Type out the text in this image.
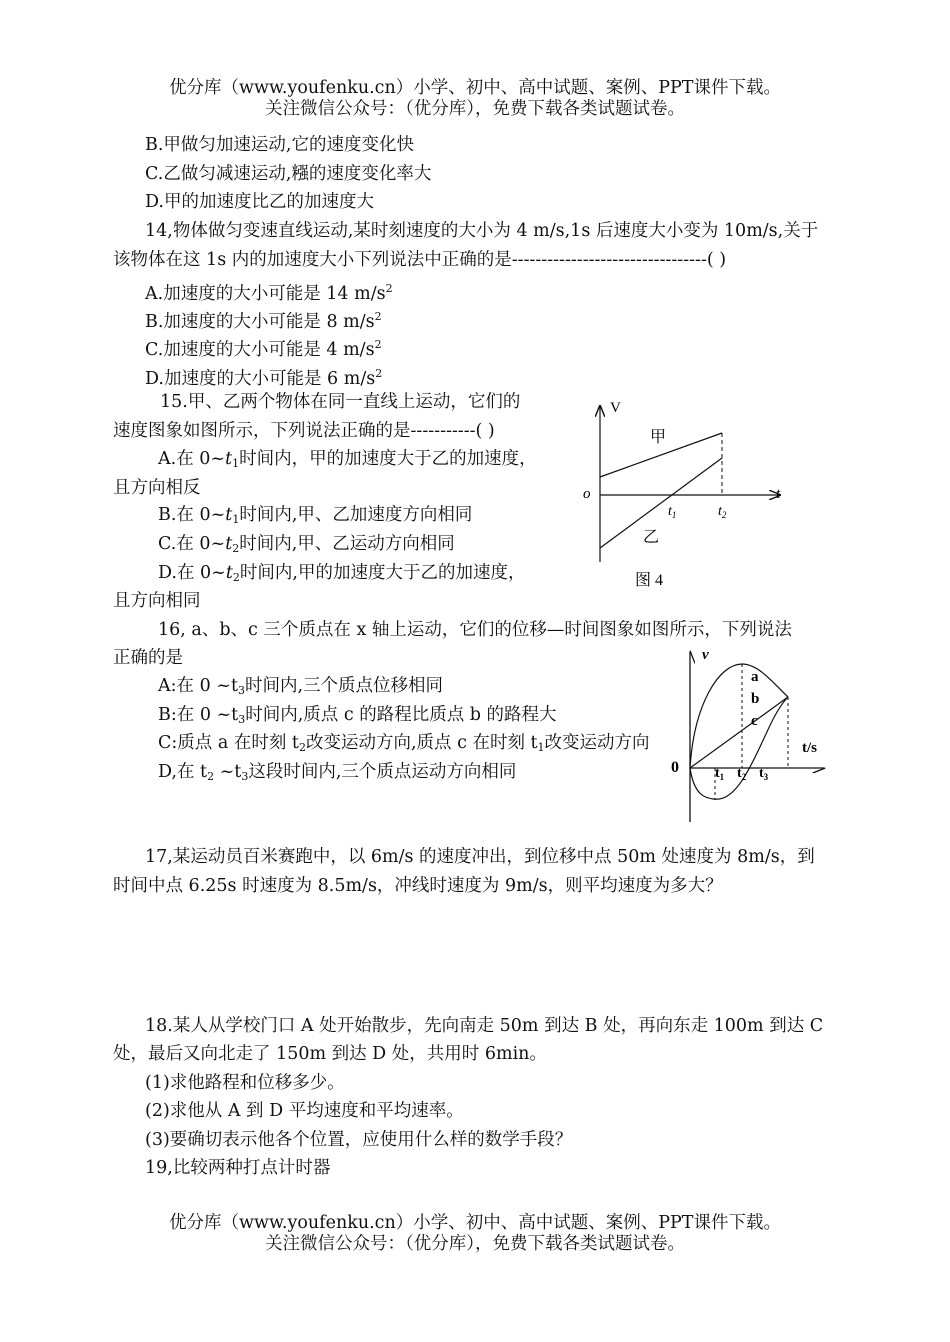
优分库（www.youfenku.cn）小学、初中、高中试题、案例、PPT课件下载。
关注微信公众号：（优分库），免费下载各类试题试卷。
B.甲做匀加速运动,它的速度变化快
C.乙做匀减速运动,糨的速度变化率大
D.甲的加速度比乙的加速度大
14,物体做匀变速直线运动,某时刻速度的大小为 4 m/s,1s 后速度大小变为 10m/s,关于
该物体在这 1s 内的加速度大小下列说法中正确的是---------------------------------( )
A.加速度的大小可能是 14 $m/s^2$
B.加速度的大小可能是 8 $m/s^2$
C.加速度的大小可能是 4 $m/s^2$
D.加速度的大小可能是 6 $m/s^2$
15.甲、乙两个物体在同一直线上运动，它们的
速度图象如图所示，下列说法正确的是-----------( )
A.在 $0\sim t_1$时间内，甲的加速度大于乙的加速度，
且方向相反
B.在 $0\sim t_1$时间内,甲、乙加速度方向相同
C.在 $0\sim t_2$时间内,甲、乙运动方向相同
D.在 $0\sim t_2$时间内,甲的加速度大于乙的加速度，
且方向相同
V
甲
乙
o	t
$t_1$	$t_2$
图 4
16, a、b、c 三个质点在 x 轴上运动，它们的位移—时间图象如图所示，下列说法
正确的是
A:在 0 $\sim t_3$时间内,三个质点位移相同
B:在 0 $\sim t_3$时间内,质点 c 的路程比质点 b 的路程大
C:质点 a 在时刻 $t_2$改变运动方向,质点 c 在时刻 $t_1$改变运动方向
D,在 $t_2$ $\sim t_3$这段时间内,三个质点运动方向相同
v
0
a
b
c
t/s
$t_1$ $t_2$ $t_3$
17,某运动员百米赛跑中，以 6m/s 的速度冲出，到位移中点 50m 处速度为 8m/s，到
时间中点 6.25s 时速度为 8.5m/s，冲线时速度为 9m/s，则平均速度为多大？
18.某人从学校门口 A 处开始散步，先向南走 50m 到达 B 处，再向东走 100m 到达 C
处，最后又向北走了 150m 到达 D 处，共用时 6min。
(1)求他路程和位移多少。
(2)求他从 A 到 D 平均速度和平均速率。
(3)要确切表示他各个位置，应使用什么样的数学手段？
19,比较两种打点计时器
优分库（www.youfenku.cn）小学、初中、高中试题、案例、PPT课件下载。
关注微信公众号：（优分库），免费下载各类试题试卷。
